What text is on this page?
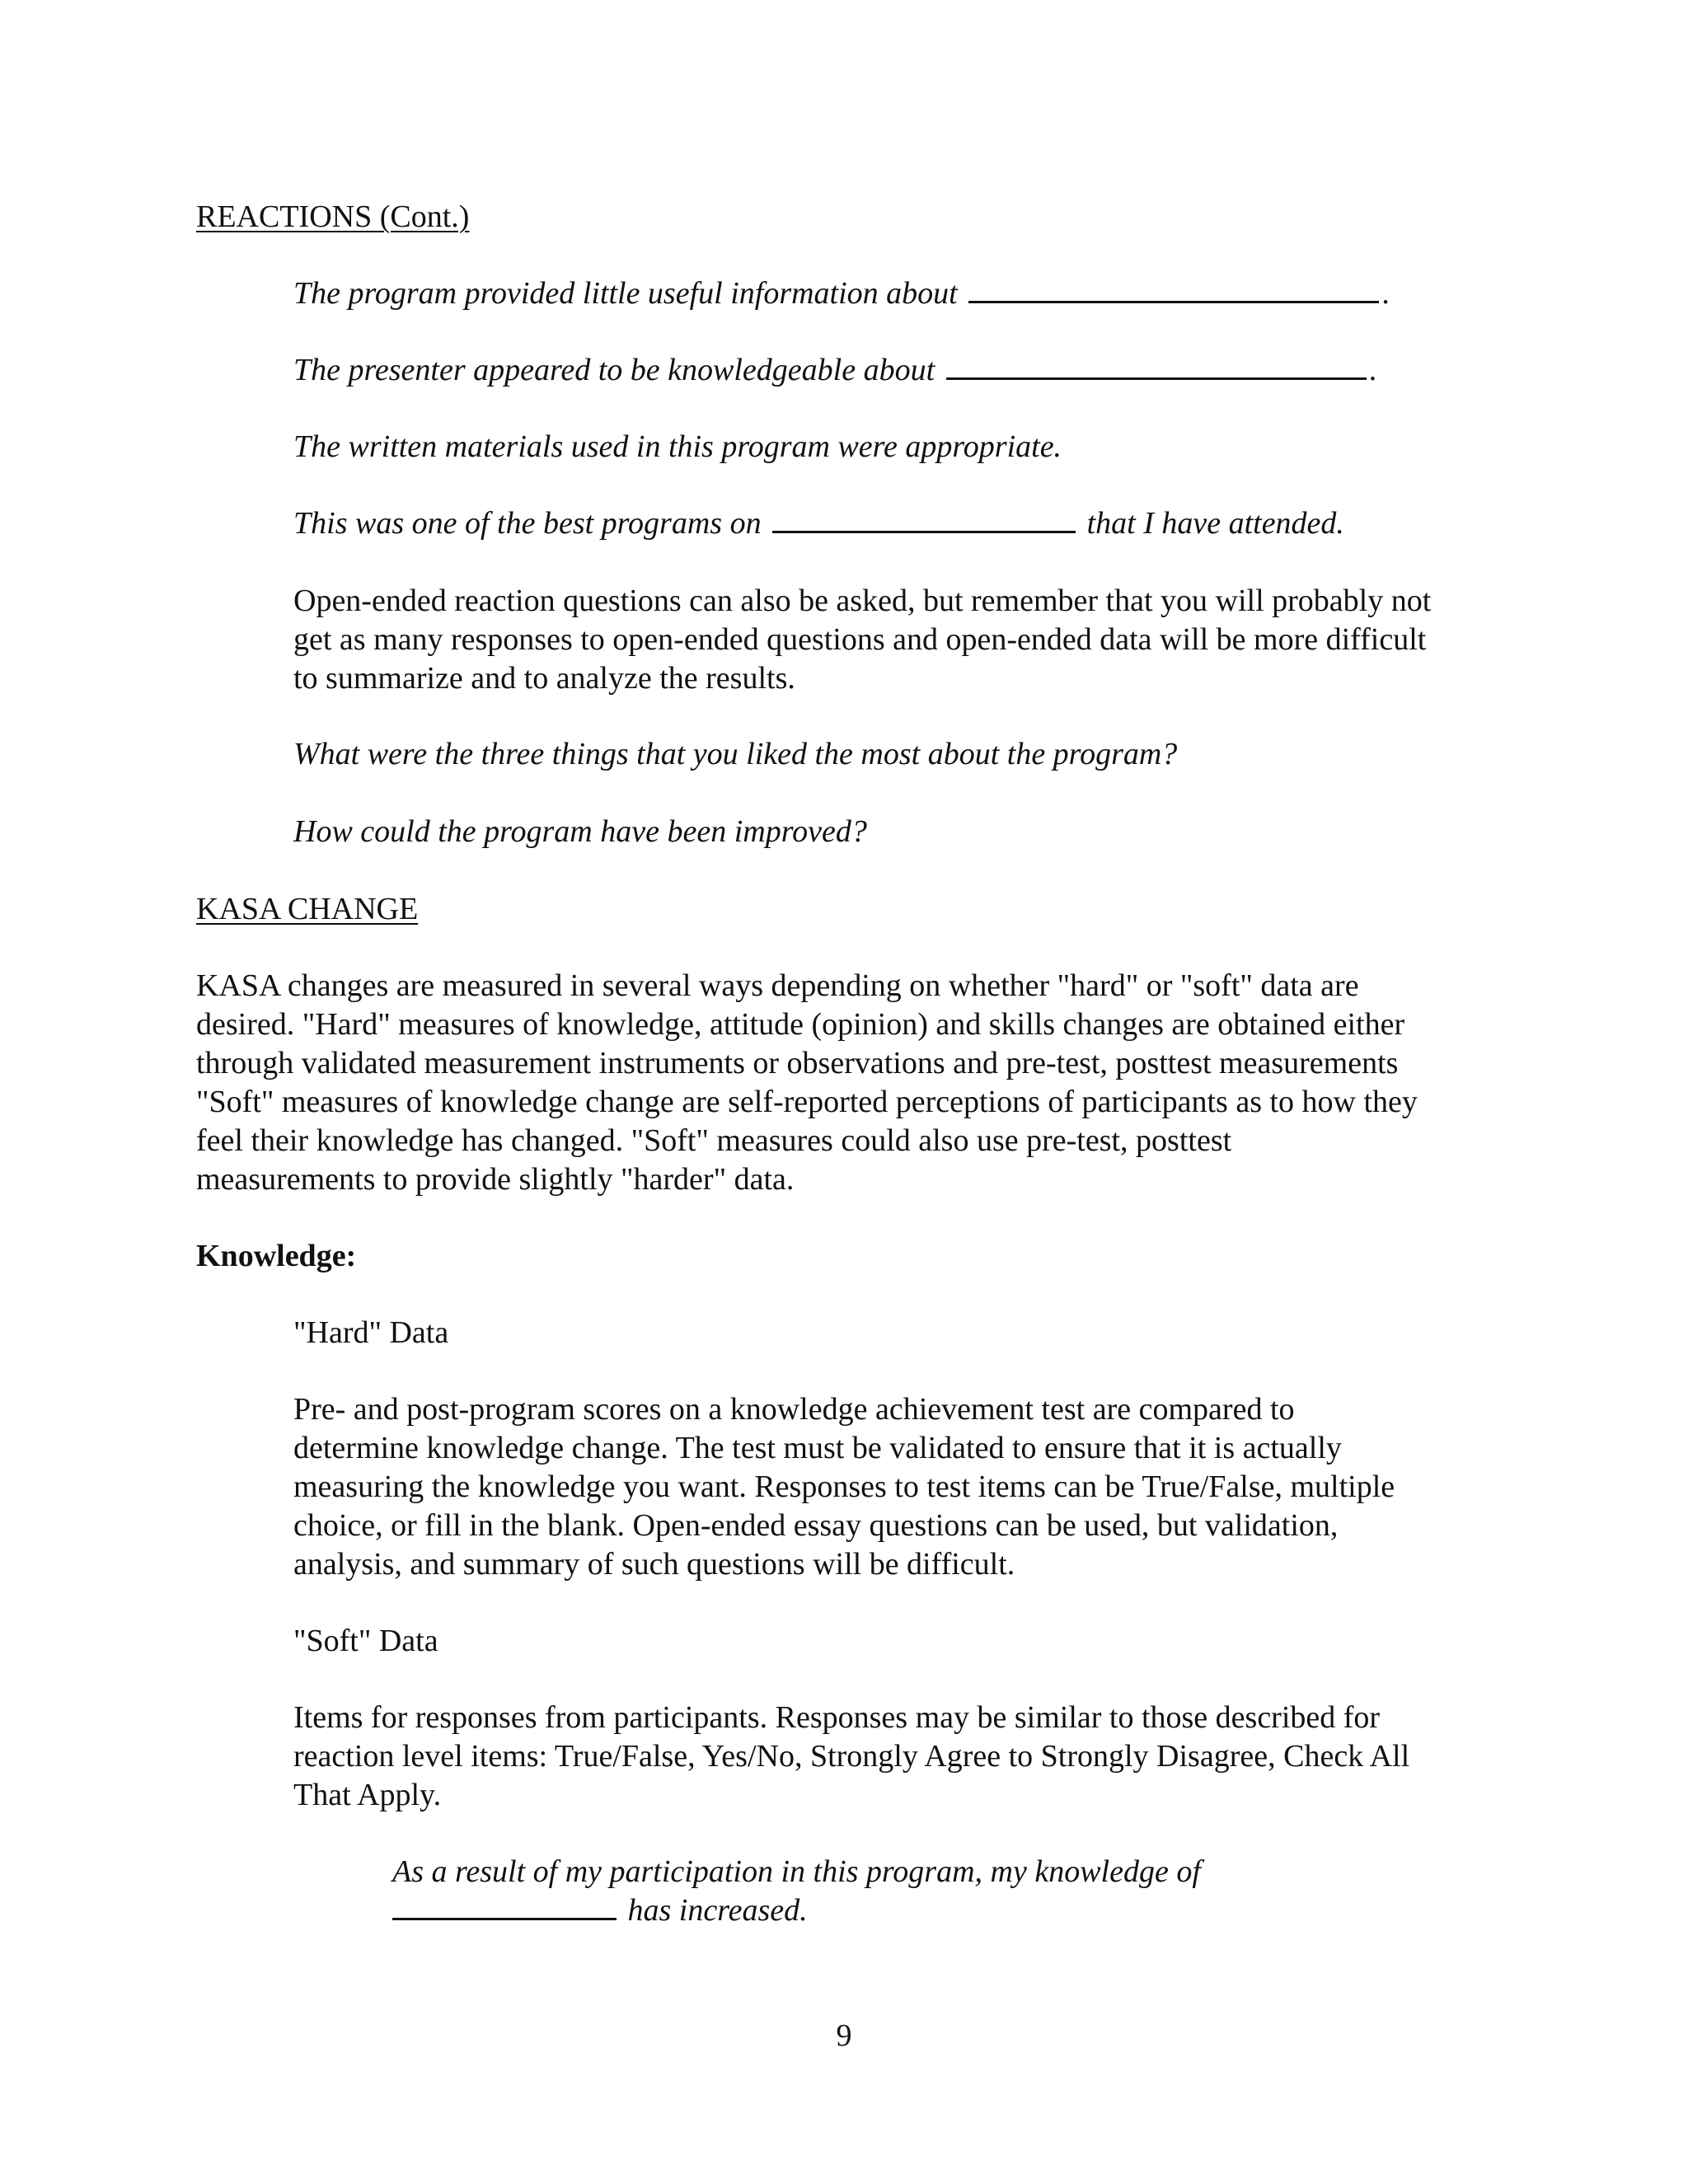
REACTIONS (Cont.)
The program provided little useful information about	.
The presenter appeared to be knowledgeable about	.
The written materials used in this program were appropriate.
This was one of the best programs on	that I have attended.
Open-ended reaction questions can also be asked, but remember that you will probably not
get as many responses to open-ended questions and open-ended data will be more difficult
to summarize and to analyze the results.
What were the three things that you liked the most about the program?
How could the program have been improved?
KASA CHANGE
KASA changes are measured in several ways depending on whether "hard" or "soft" data are
desired. "Hard" measures of knowledge, attitude (opinion) and skills changes are obtained either
through validated measurement instruments or observations and pre-test, posttest measurements
"Soft" measures of knowledge change are self-reported perceptions of participants as to how they
feel their knowledge has changed. "Soft" measures could also use pre-test, posttest
measurements to provide slightly "harder" data.
Knowledge:
"Hard" Data
Pre- and post-program scores on a knowledge achievement test are compared to
determine knowledge change. The test must be validated to ensure that it is actually
measuring the knowledge you want. Responses to test items can be True/False, multiple
choice, or fill in the blank. Open-ended essay questions can be used, but validation,
analysis, and summary of such questions will be difficult.
"Soft" Data
Items for responses from participants. Responses may be similar to those described for
reaction level items: True/False, Yes/No, Strongly Agree to Strongly Disagree, Check All
That Apply.
As a result of my participation in this program, my knowledge of
has increased.
9
